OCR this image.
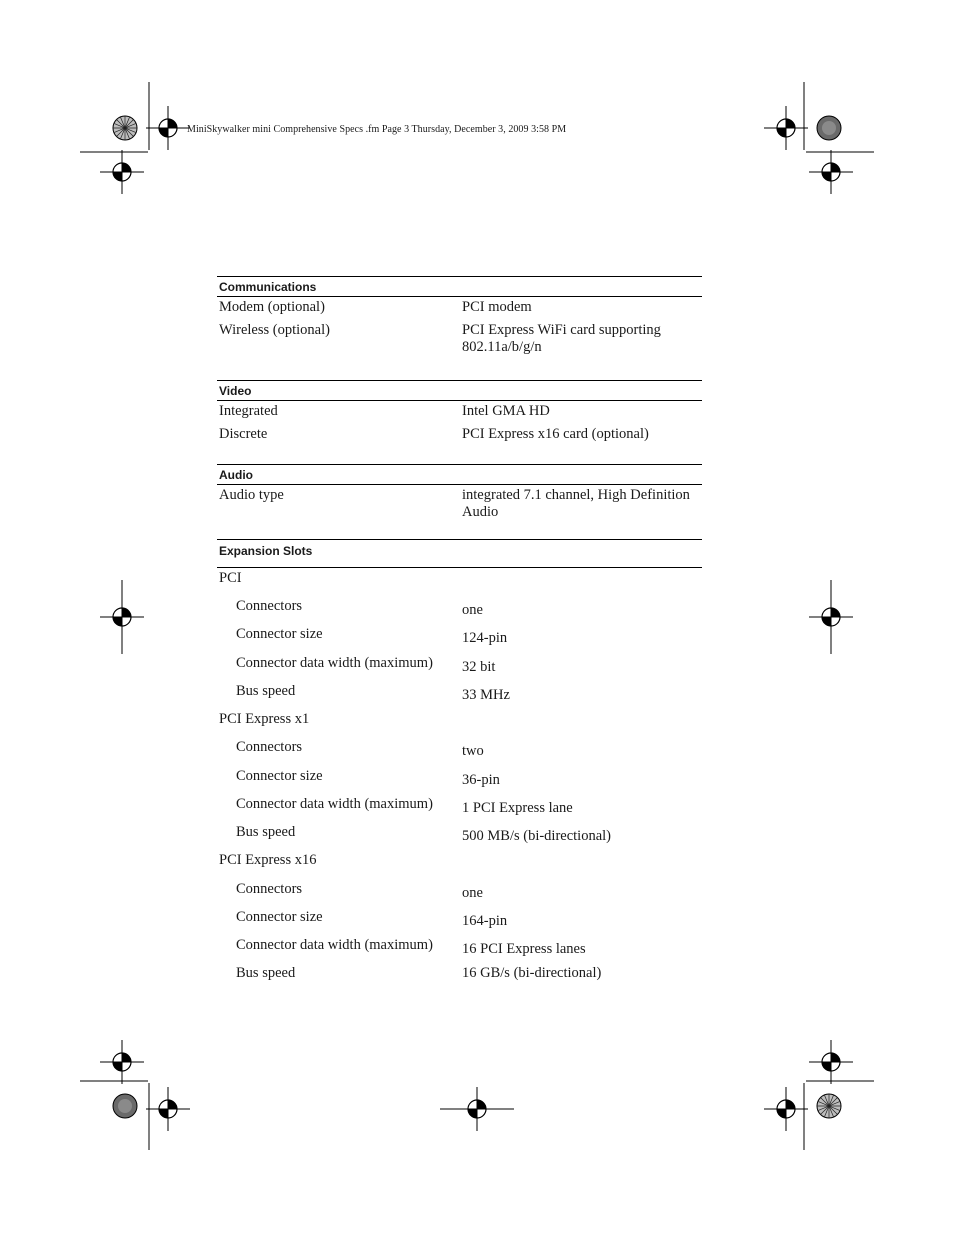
MiniSkywalker mini Comprehensive Specs .fm Page 3 Thursday, December 3, 2009 3:58 PM
Communications
Modem (optional)	PCI modem
Wireless (optional)	PCI Express WiFi card supporting
802.11a/b/g/n
Video
Integrated	Intel GMA HD
Discrete	PCI Express x16 card (optional)
Audio
Audio type	integrated 7.1 channel, High Definition
Audio
Expansion Slots
PCI
Connectors	one
Connector size	124-pin
Connector data width (maximum)	32 bit
Bus speed	33 MHz
PCI Express x1
Connectors	two
Connector size	36-pin
Connector data width (maximum)	1 PCI Express lane
Bus speed	500 MB/s (bi-directional)
PCI Express x16
Connectors	one
Connector size	164-pin
Connector data width (maximum)	16 PCI Express lanes
Bus speed	16 GB/s (bi-directional)
